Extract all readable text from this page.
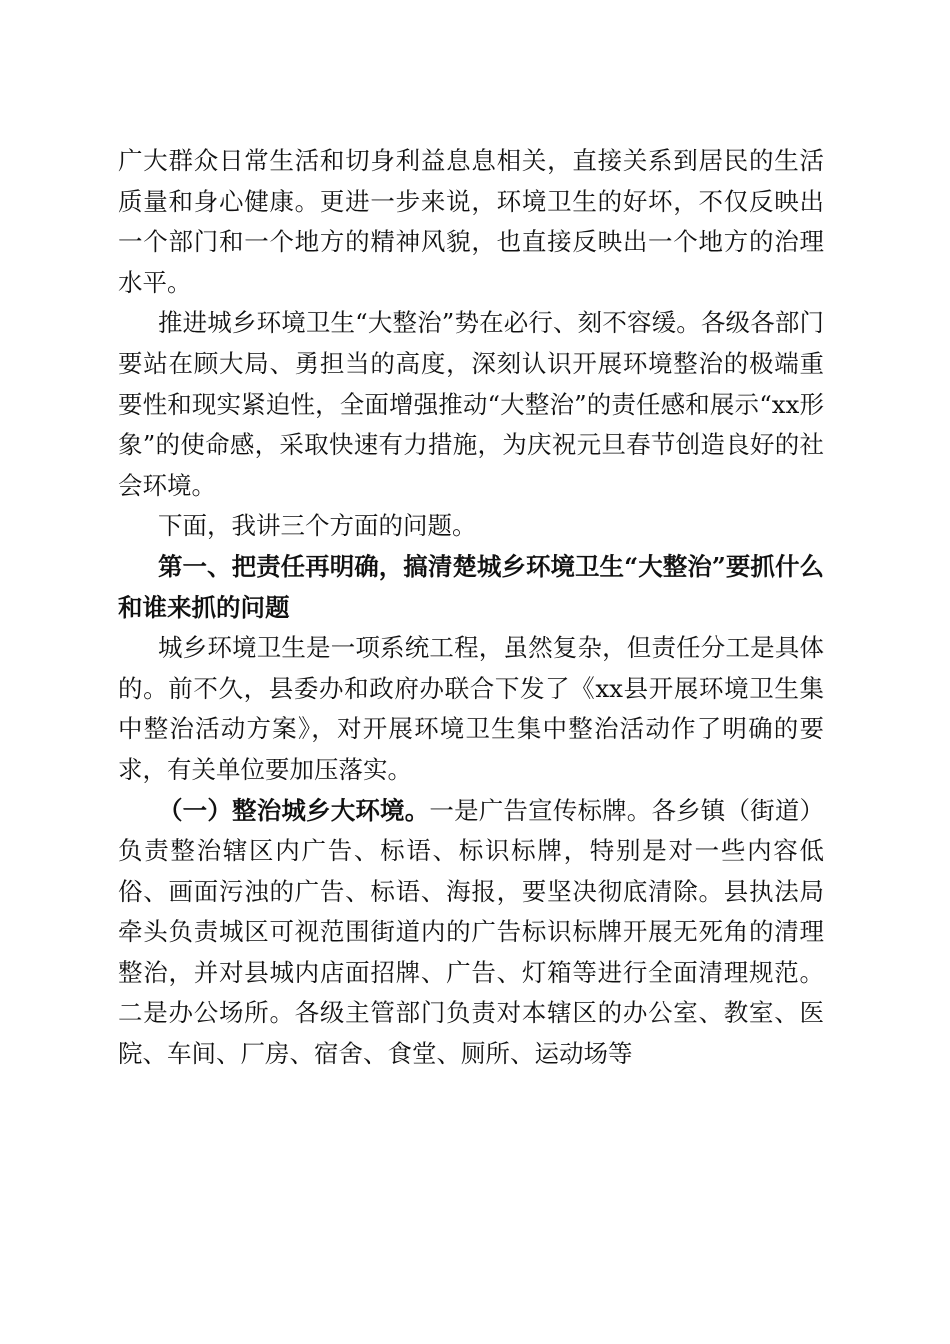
广大群众日常生活和切身利益息息相关，直接关系到居民的生活质量和身心健康。更进一步来说，环境卫生的好坏，不仅反映出一个部门和一个地方的精神风貌，也直接反映出一个地方的治理水平。

推进城乡环境卫生“大整治”势在必行、刻不容缓。各级各部门要站在顾大局、勇担当的高度，深刻认识开展环境整治的极端重要性和现实紧迫性，全面增强推动“大整治”的责任感和展示“xx形象”的使命感，采取快速有力措施，为庆祝元旦春节创造良好的社会环境。

下面，我讲三个方面的问题。

第一、把责任再明确，搞清楚城乡环境卫生“大整治”要抓什么和谁来抓的问题

城乡环境卫生是一项系统工程，虽然复杂，但责任分工是具体的。前不久，县委办和政府办联合下发了《xx县开展环境卫生集中整治活动方案》，对开展环境卫生集中整治活动作了明确的要求，有关单位要加压落实。

（一）整治城乡大环境。一是广告宣传标牌。各乡镇（街道）负责整治辖区内广告、标语、标识标牌，特别是对一些内容低俗、画面污浊的广告、标语、海报，要坚决彻底清除。县执法局牵头负责城区可视范围街道内的广告标识标牌开展无死角的清理整治，并对县城内店面招牌、广告、灯箱等进行全面清理规范。二是办公场所。各级主管部门负责对本辖区的办公室、教室、医院、车间、厂房、宿舍、食堂、厕所、运动场等
